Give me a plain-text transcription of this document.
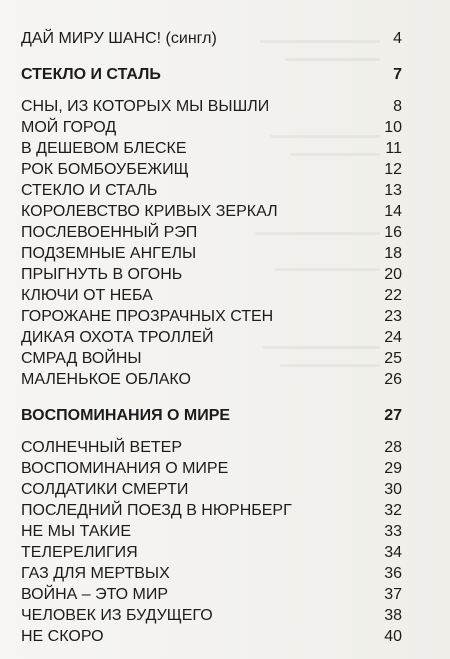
ДАЙ МИРУ ШАНС! (сингл)	4
СТЕКЛО И СТАЛЬ	7
СНЫ, ИЗ КОТОРЫХ МЫ ВЫШЛИ	8
МОЙ ГОРОД	10
В ДЕШЕВОМ БЛЕСКЕ	11
РОК БОМБОУБЕЖИЩ	12
СТЕКЛО И СТАЛЬ	13
КОРОЛЕВСТВО КРИВЫХ ЗЕРКАЛ	14
ПОСЛЕВОЕННЫЙ РЭП	16
ПОДЗЕМНЫЕ АНГЕЛЫ	18
ПРЫГНУТЬ В ОГОНЬ	20
КЛЮЧИ ОТ НЕБА	22
ГОРОЖАНЕ ПРОЗРАЧНЫХ СТЕН	23
ДИКАЯ ОХОТА ТРОЛЛЕЙ	24
СМРАД ВОЙНЫ	25
МАЛЕНЬКОЕ ОБЛАКО	26
ВОСПОМИНАНИЯ О МИРЕ	27
СОЛНЕЧНЫЙ ВЕТЕР	28
ВОСПОМИНАНИЯ О МИРЕ	29
СОЛДАТИКИ СМЕРТИ	30
ПОСЛЕДНИЙ ПОЕЗД В НЮРНБЕРГ	32
НЕ МЫ ТАКИЕ	33
ТЕЛЕРЕЛИГИЯ	34
ГАЗ ДЛЯ МЕРТВЫХ	36
ВОЙНА – ЭТО МИР	37
ЧЕЛОВЕК ИЗ БУДУЩЕГО	38
НЕ СКОРО	40
